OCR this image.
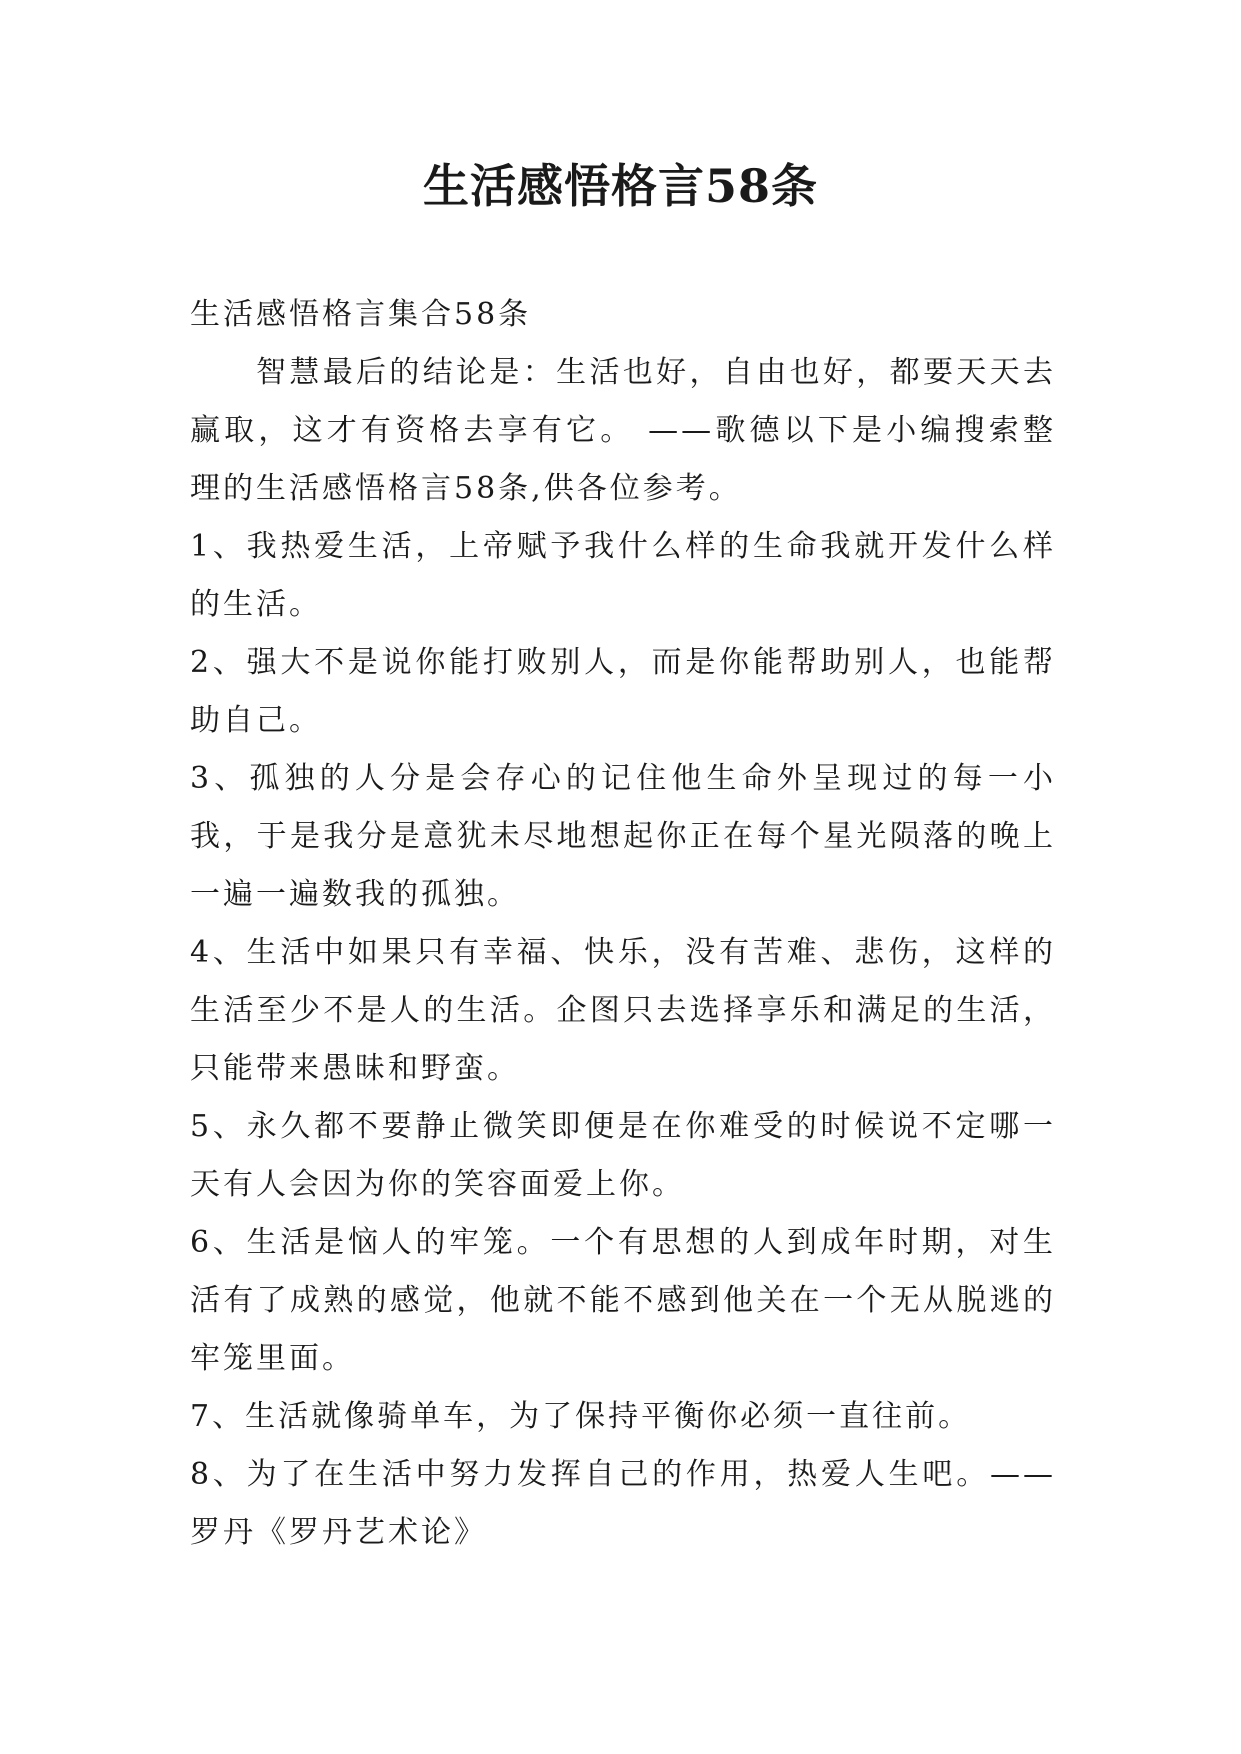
生活感悟格言58条

生活感悟格言集合58条

智慧最后的结论是：生活也好，自由也好，都要天天去赢取，这才有资格去享有它。 ——歌德以下是小编搜索整理的生活感悟格言58条,供各位参考。

1、我热爱生活，上帝赋予我什么样的生命我就开发什么样的生活。

2、强大不是说你能打败别人，而是你能帮助别人，也能帮助自己。

3、孤独的人分是会存心的记住他生命外呈现过的每一小我，于是我分是意犹未尽地想起你正在每个星光陨落的晚上一遍一遍数我的孤独。

4、生活中如果只有幸福、快乐，没有苦难、悲伤，这样的生活至少不是人的生活。企图只去选择享乐和满足的生活，只能带来愚昧和野蛮。

5、永久都不要静止微笑即便是在你难受的时候说不定哪一天有人会因为你的笑容面爱上你。

6、生活是恼人的牢笼。一个有思想的人到成年时期，对生活有了成熟的感觉，他就不能不感到他关在一个无从脱逃的牢笼里面。

7、生活就像骑单车，为了保持平衡你必须一直往前。

8、为了在生活中努力发挥自己的作用，热爱人生吧。——罗丹《罗丹艺术论》
